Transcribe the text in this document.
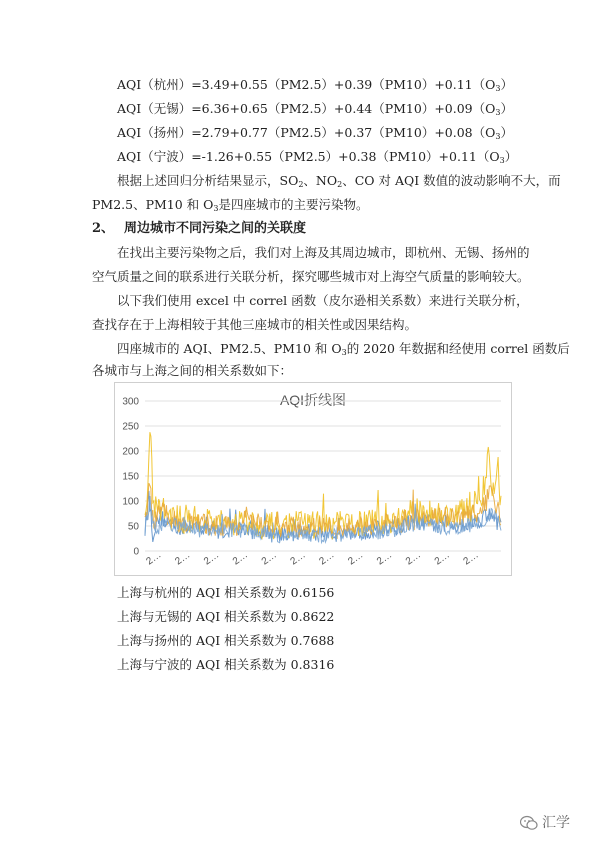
AQI（杭州）$=3.49+0.55(PM2.5)+0.39(PM10)+0.11(O_3)$
AQI（无锡）$=6.36+0.65(PM2.5)+0.44(PM10)+0.09(O_3)$
AQI（扬州）$=2.79+0.77(PM2.5)+0.37(PM10)+0.08(O_3)$
AQI（宁波）$=-1.26+0.55(PM2.5)+0.38(PM10)+0.11(O_3)$
根据上述回归分析结果显示，$SO_2$、$NO_2$、CO 对 AQI 数值的波动影响不大，而
PM2.5、PM10 和 $O_3$是四座城市的主要污染物。
2、 周边城市不同污染之间的关联度
在找出主要污染物之后，我们对上海及其周边城市，即杭州、无锡、扬州的
空气质量之间的联系进行关联分析，探究哪些城市对上海空气质量的影响较大。
以下我们使用 excel 中 correl 函数（皮尔逊相关系数）来进行关联分析，
查找存在于上海相较于其他三座城市的相关性或因果结构。
四座城市的 AQI、PM2.5、PM10 和 $O_3$的 2020 年数据和经使用 correl 函数后
各城市与上海之间的相关系数如下：
AQI折线图
0
50
100
150
200
250
300
2… 2… 2… 2… 2… 2… 2… 2… 2… 2… 2… 2…
上海与杭州的 AQI 相关系数为 0.6156
上海与无锡的 AQI 相关系数为 0.8622
上海与扬州的 AQI 相关系数为 0.7688
上海与宁波的 AQI 相关系数为 0.8316
汇学
